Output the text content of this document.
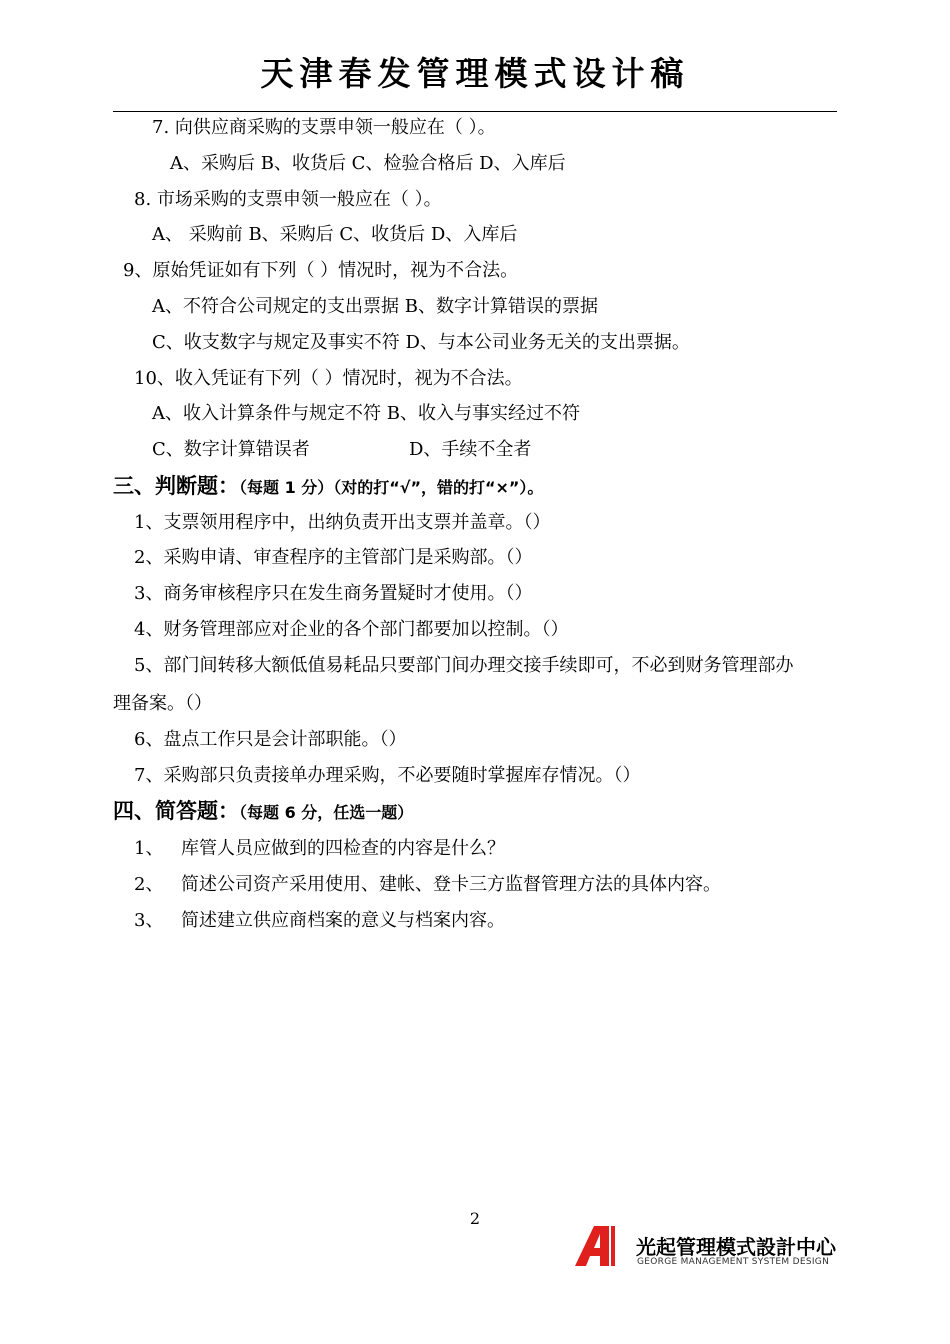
天津春发管理模式设计稿
7. 向供应商采购的支票申领一般应在（ ）。
A、采购后 B、收货后 C、检验合格后 D、入库后
8. 市场采购的支票申领一般应在（ ）。
A、 采购前 B、采购后 C、收货后 D、入库后
9、原始凭证如有下列（ ）情况时，视为不合法。
A、不符合公司规定的支出票据 B、数字计算错误的票据
C、收支数字与规定及事实不符 D、与本公司业务无关的支出票据。
10、收入凭证有下列（ ）情况时，视为不合法。
A、收入计算条件与规定不符 B、收入与事实经过不符
C、数字计算错误者	D、手续不全者
三、判断题：（每题 1 分）（对的打“√”，错的打“×”）。
1、支票领用程序中，出纳负责开出支票并盖章。（）
2、采购申请、审查程序的主管部门是采购部。（）
3、商务审核程序只在发生商务置疑时才使用。（）
4、财务管理部应对企业的各个部门都要加以控制。（）
5、部门间转移大额低值易耗品只要部门间办理交接手续即可，不必到财务管理部办
理备案。（）
6、盘点工作只是会计部职能。（）
7、采购部只负责接单办理采购，不必要随时掌握库存情况。（）
四、简答题：（每题 6 分，任选一题）
1、 库管人员应做到的四检查的内容是什么？
2、 简述公司资产采用使用、建帐、登卡三方监督管理方法的具体内容。
3、 简述建立供应商档案的意义与档案内容。
2
光起管理模式設計中心
GEORGE MANAGEMENT SYSTEM DESIGN
